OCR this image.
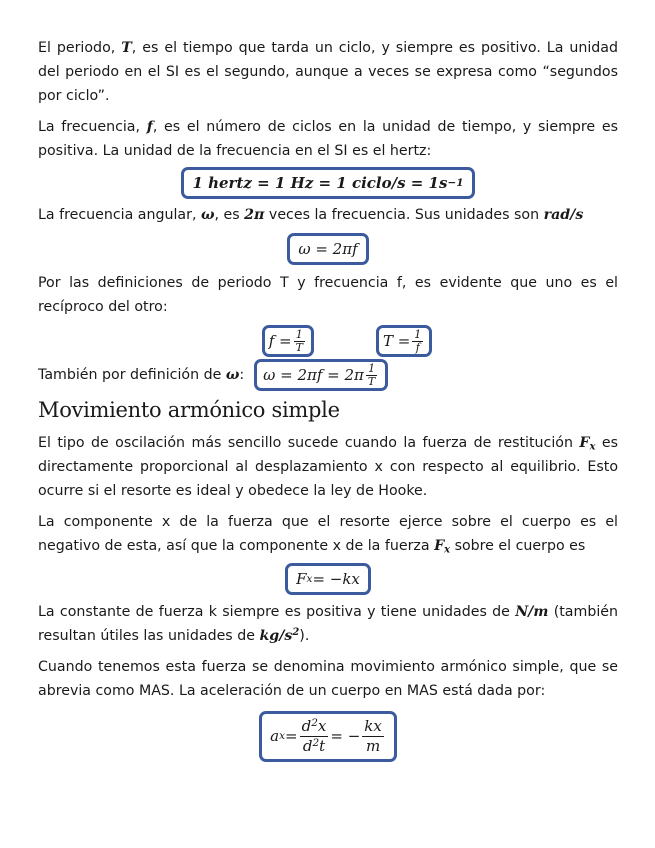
El periodo, T, es el tiempo que tarda un ciclo, y siempre es positivo. La unidad del periodo en el SI es el segundo, aunque a veces se expresa como “segundos por ciclo”.

La frecuencia, f, es el número de ciclos en la unidad de tiempo, y siempre es positiva. La unidad de la frecuencia en el SI es el hertz:

1 hertz = 1 Hz = 1 ciclo/s = 1s −1

La frecuencia angular, ω, es 2π veces la frecuencia. Sus unidades son rad/s

ω = 2πf

Por las definiciones de periodo T y frecuencia f, es evidente que uno es el recíproco del otro:

$f = \frac{1}{T}$	$T = \frac{1}{f}$

También por definición de ω: $\omega = 2\pi f = 2\pi \frac{1}{T}$
Movimiento armónico simple

El tipo de oscilación más sencillo sucede cuando la fuerza de restitución $F_x$ es directamente proporcional al desplazamiento x con respecto al equilibrio. Esto ocurre si el resorte es ideal y obedece la ley de Hooke.

La componente x de la fuerza que el resorte ejerce sobre el cuerpo es el negativo de esta, así que la componente x de la fuerza $F_x$ sobre el cuerpo es

F x = −kx

La constante de fuerza k siempre es positiva y tiene unidades de N/m (también resultan útiles las unidades de $kg/s^2$).

Cuando tenemos esta fuerza se denomina movimiento armónico simple, que se abrevia como MAS. La aceleración de un cuerpo en MAS está dada por:

a $x = \frac{d^2x}{d^2t}$ = − $\frac{kx}{m}$
